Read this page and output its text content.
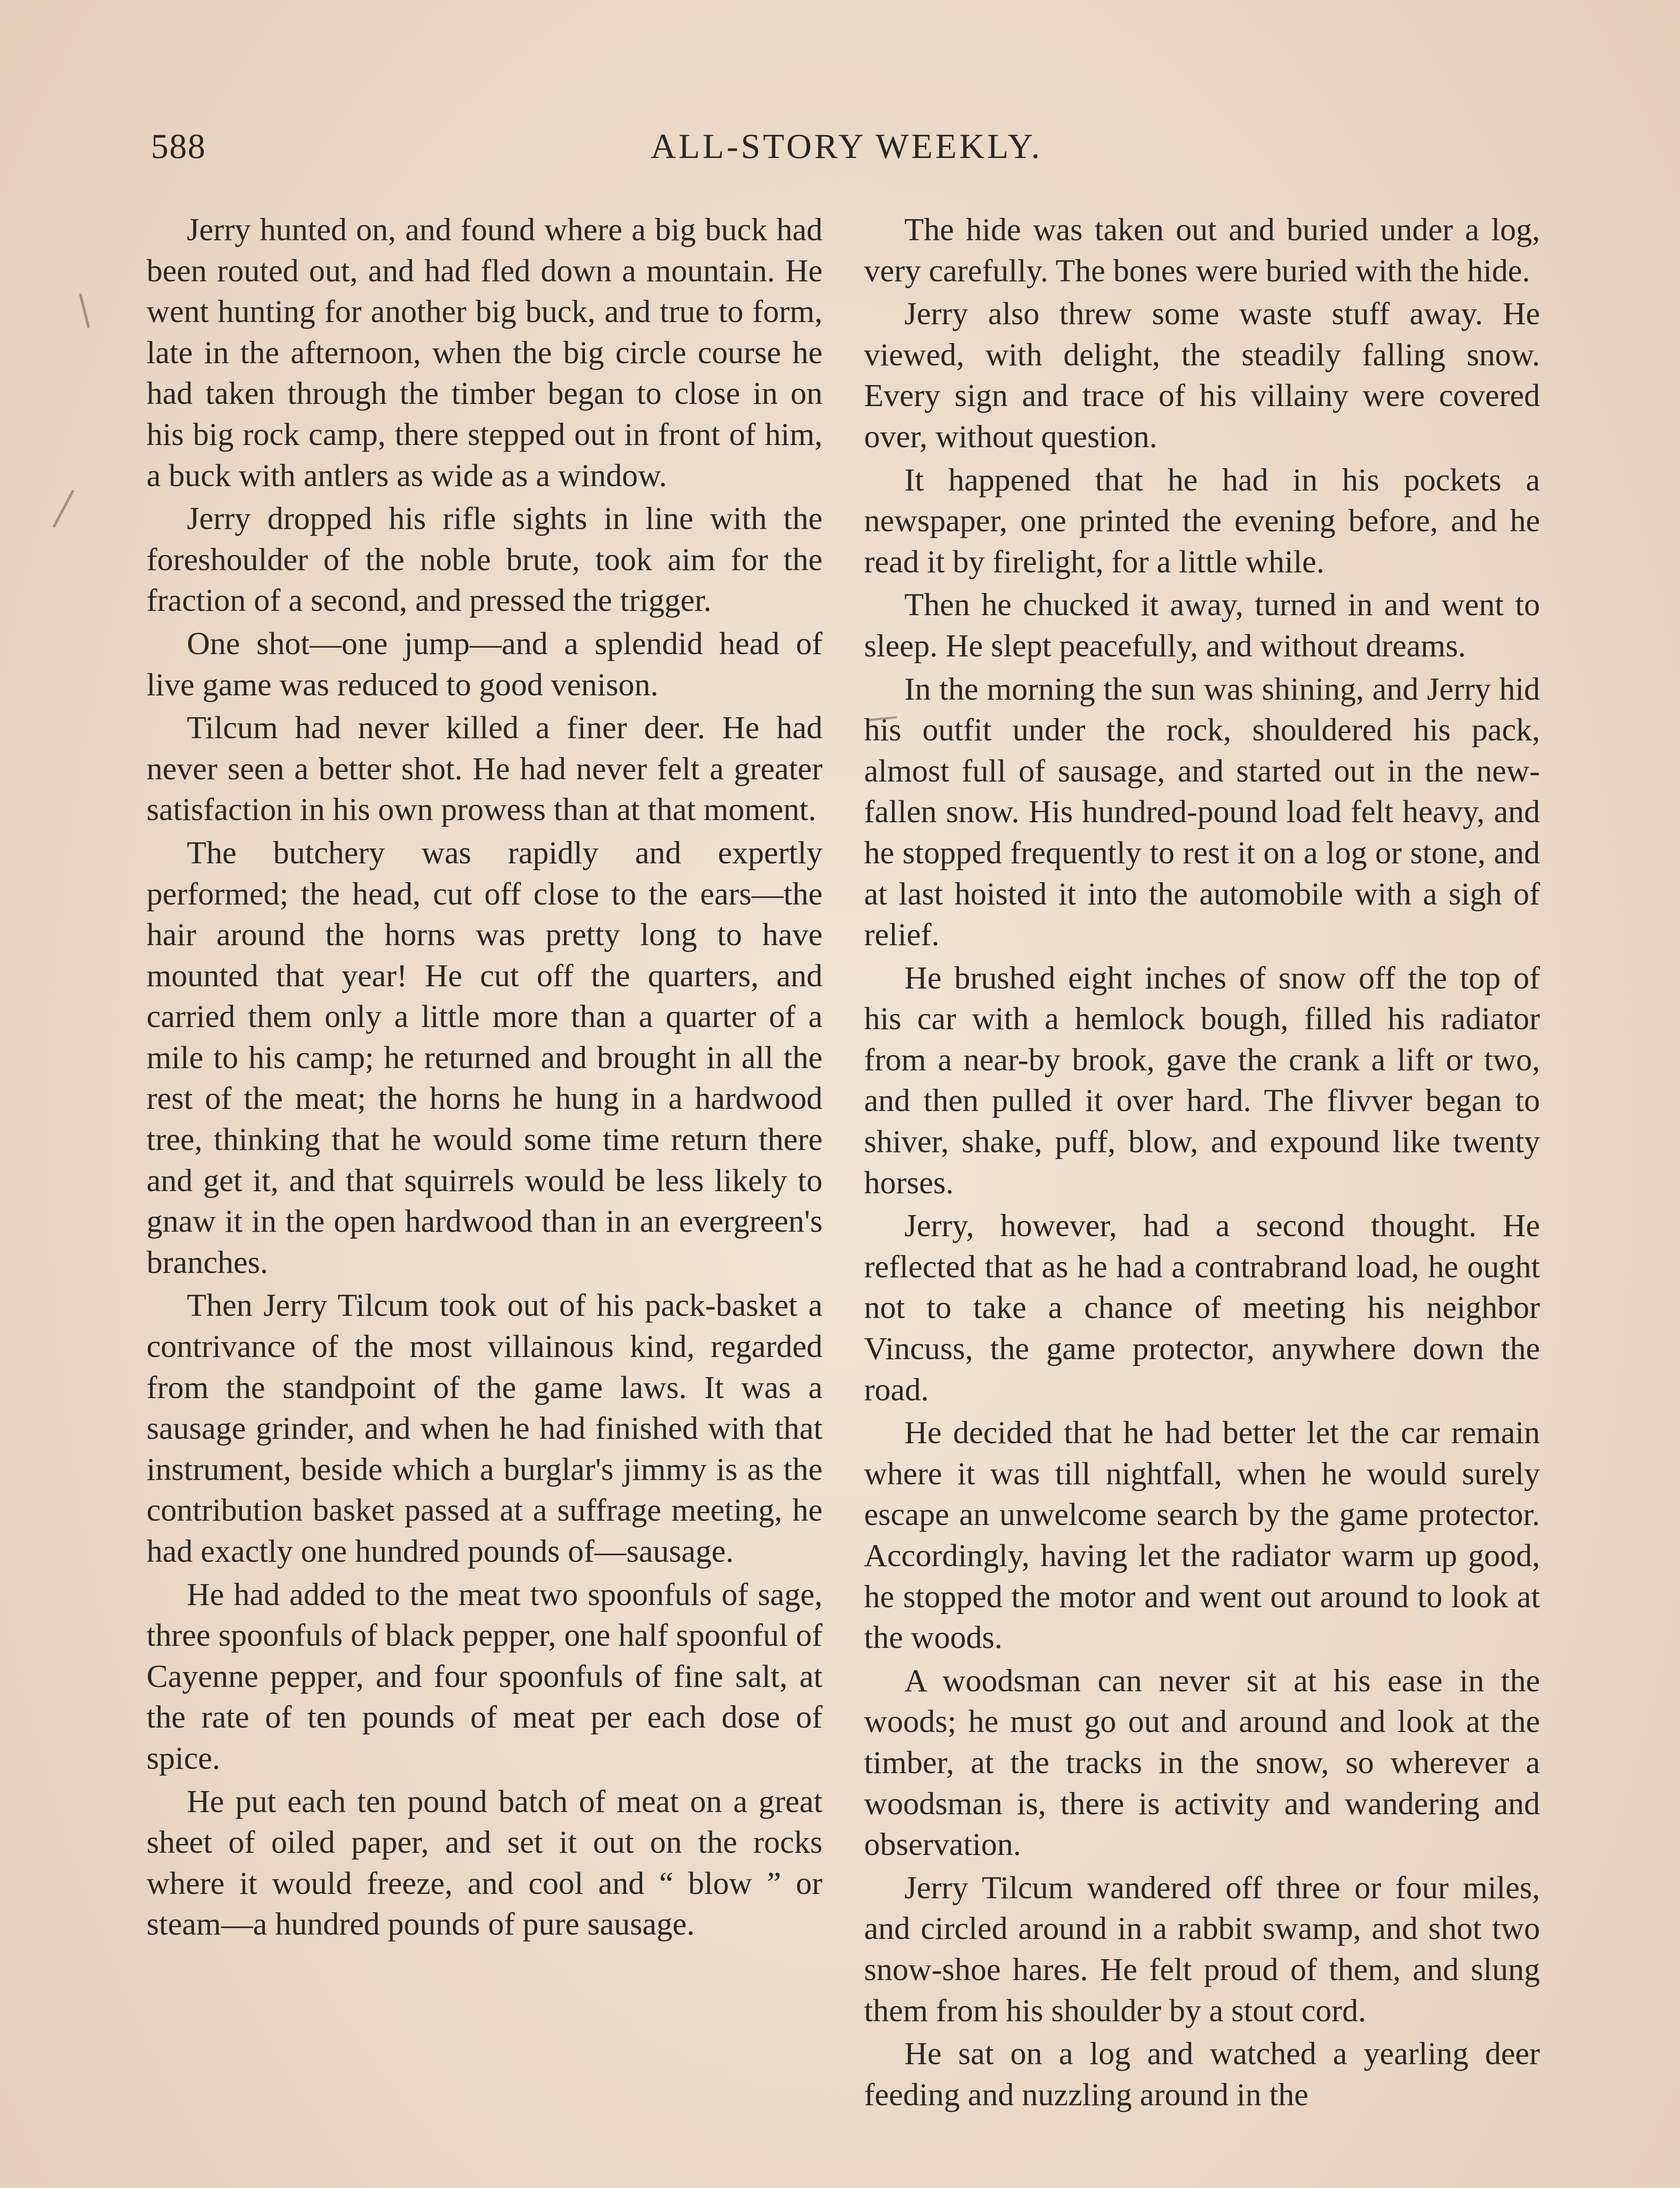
588	ALL-STORY WEEKLY.

Jerry hunted on, and found where a big buck had been routed out, and had fled down a mountain. He went hunting for another big buck, and true to form, late in the afternoon, when the big circle course he had taken through the timber began to close in on his big rock camp, there stepped out in front of him, a buck with antlers as wide as a window.

Jerry dropped his rifle sights in line with the foreshoulder of the noble brute, took aim for the fraction of a second, and pressed the trigger.

One shot—one jump—and a splendid head of live game was reduced to good venison.

Tilcum had never killed a finer deer. He had never seen a better shot. He had never felt a greater satisfaction in his own prowess than at that moment.

The butchery was rapidly and expertly performed; the head, cut off close to the ears—the hair around the horns was pretty long to have mounted that year! He cut off the quarters, and carried them only a little more than a quarter of a mile to his camp; he returned and brought in all the rest of the meat; the horns he hung in a hardwood tree, thinking that he would some time return there and get it, and that squirrels would be less likely to gnaw it in the open hardwood than in an evergreen's branches.

Then Jerry Tilcum took out of his pack-basket a contrivance of the most villainous kind, regarded from the standpoint of the game laws. It was a sausage grinder, and when he had finished with that instrument, beside which a burglar's jimmy is as the contribution basket passed at a suffrage meeting, he had exactly one hundred pounds of—sausage.

He had added to the meat two spoonfuls of sage, three spoonfuls of black pepper, one half spoonful of Cayenne pepper, and four spoonfuls of fine salt, at the rate of ten pounds of meat per each dose of spice.

He put each ten pound batch of meat on a great sheet of oiled paper, and set it out on the rocks where it would freeze, and cool and “ blow ” or steam—a hundred pounds of pure sausage.

The hide was taken out and buried under a log, very carefully. The bones were buried with the hide.

Jerry also threw some waste stuff away. He viewed, with delight, the steadily falling snow. Every sign and trace of his villainy were covered over, without question.

It happened that he had in his pockets a newspaper, one printed the evening before, and he read it by firelight, for a little while.

Then he chucked it away, turned in and went to sleep. He slept peacefully, and without dreams.

In the morning the sun was shining, and Jerry hid his outfit under the rock, shouldered his pack, almost full of sausage, and started out in the new-fallen snow. His hundred-pound load felt heavy, and he stopped frequently to rest it on a log or stone, and at last hoisted it into the automobile with a sigh of relief.

He brushed eight inches of snow off the top of his car with a hemlock bough, filled his radiator from a near-by brook, gave the crank a lift or two, and then pulled it over hard. The flivver began to shiver, shake, puff, blow, and expound like twenty horses.

Jerry, however, had a second thought. He reflected that as he had a contrabrand load, he ought not to take a chance of meeting his neighbor Vincuss, the game protector, anywhere down the road.

He decided that he had better let the car remain where it was till nightfall, when he would surely escape an unwelcome search by the game protector. Accordingly, having let the radiator warm up good, he stopped the motor and went out around to look at the woods.

A woodsman can never sit at his ease in the woods; he must go out and around and look at the timber, at the tracks in the snow, so wherever a woodsman is, there is activity and wandering and observation.

Jerry Tilcum wandered off three or four miles, and circled around in a rabbit swamp, and shot two snow-shoe hares. He felt proud of them, and slung them from his shoulder by a stout cord.

He sat on a log and watched a yearling deer feeding and nuzzling around in the
